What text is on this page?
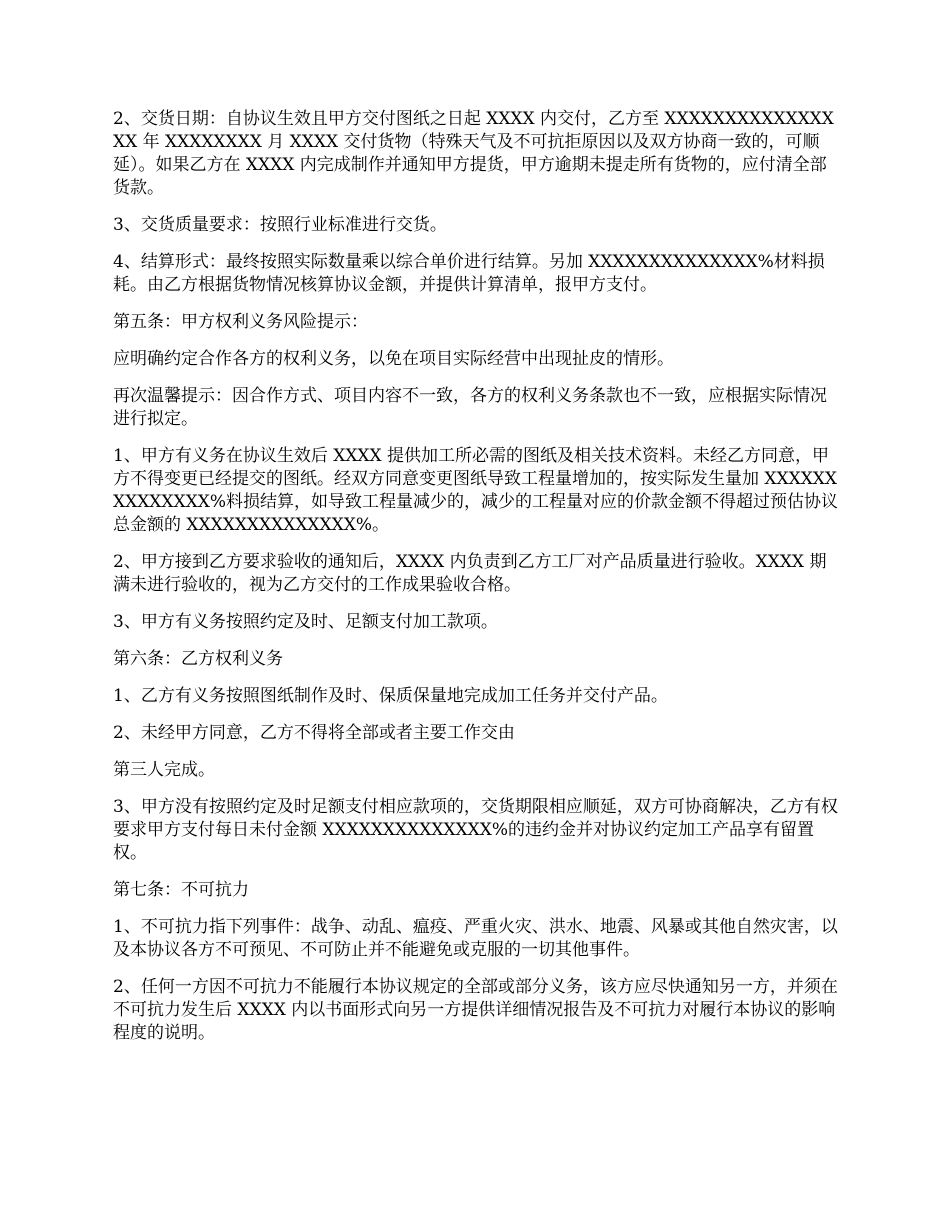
2、交货日期：自协议生效且甲方交付图纸之日起 XXXX 内交付，乙方至 XXXXXXXXXXXXXXXX 年 XXXXXXXX 月 XXXX 交付货物（特殊天气及不可抗拒原因以及双方协商一致的，可顺延）。如果乙方在 XXXX 内完成制作并通知甲方提货，甲方逾期未提走所有货物的，应付清全部货款。

3、交货质量要求：按照行业标准进行交货。

4、结算形式：最终按照实际数量乘以综合单价进行结算。另加 XXXXXXXXXXXXXX%材料损耗。由乙方根据货物情况核算协议金额，并提供计算清单，报甲方支付。

第五条：甲方权利义务风险提示：

应明确约定合作各方的权利义务，以免在项目实际经营中出现扯皮的情形。

再次温馨提示：因合作方式、项目内容不一致，各方的权利义务条款也不一致，应根据实际情况进行拟定。

1、甲方有义务在协议生效后 XXXX 提供加工所必需的图纸及相关技术资料。未经乙方同意，甲方不得变更已经提交的图纸。经双方同意变更图纸导致工程量增加的，按实际发生量加 XXXXXXXXXXXXXX%料损结算，如导致工程量减少的，减少的工程量对应的价款金额不得超过预估协议总金额的 XXXXXXXXXXXXXX%。

2、甲方接到乙方要求验收的通知后，XXXX 内负责到乙方工厂对产品质量进行验收。XXXX 期满未进行验收的，视为乙方交付的工作成果验收合格。

3、甲方有义务按照约定及时、足额支付加工款项。

第六条：乙方权利义务

1、乙方有义务按照图纸制作及时、保质保量地完成加工任务并交付产品。

2、未经甲方同意，乙方不得将全部或者主要工作交由

第三人完成。

3、甲方没有按照约定及时足额支付相应款项的，交货期限相应顺延，双方可协商解决，乙方有权要求甲方支付每日未付金额 XXXXXXXXXXXXXX%的违约金并对协议约定加工产品享有留置权。

第七条：不可抗力

1、不可抗力指下列事件：战争、动乱、瘟疫、严重火灾、洪水、地震、风暴或其他自然灾害，以及本协议各方不可预见、不可防止并不能避免或克服的一切其他事件。

2、任何一方因不可抗力不能履行本协议规定的全部或部分义务，该方应尽快通知另一方，并须在不可抗力发生后 XXXX 内以书面形式向另一方提供详细情况报告及不可抗力对履行本协议的影响程度的说明。
